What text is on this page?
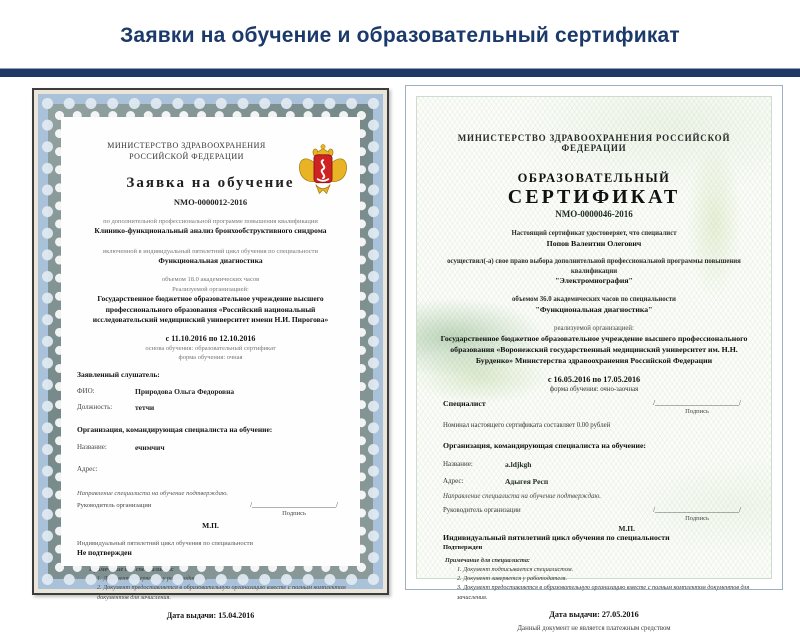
Заявки на обучение и образовательный сертификат
МИНИСТЕРСТВО ЗДРАВООХРАНЕНИЯ
РОССИЙСКОЙ ФЕДЕРАЦИИ
Заявка на обучение
NMO-0000012-2016
по дополнительной профессиональной программе повышения квалификации
Клинико-функциональный анализ бронхообструктивного синдрома
включенной в индивидуальный пятилетний цикл обучения по специальности
Функциональная диагностика
объемом 18.0 академических часов
Реализуемой организацией:
Государственное бюджетное образовательное учреждение высшего профессионального образования «Российский национальный исследовательский медицинский университет имени Н.И. Пирогова»
с 11.10.2016 по 12.10.2016
основа обучения: образовательный сертификат
форма обучения: очная
Заявленный слушатель:
ФИО:	Природова Ольга Федоровна
Должность:	тетчи
Организация, командирующая специалиста на обучение:
Название:	ечимчич
Адрес:
Направление специалиста на обучение подтверждаю.
Руководитель организации	/________________________/
Подпись
М.П.
Индивидуальный пятилетний цикл обучения по специальности
Не подтвержден
Примечание для специалиста:
1. Документ заверяется у работодателя.
2. Документ предоставляется в образовательную организацию вместе с полным комплектом документов для зачисления.
Дата выдачи: 15.04.2016
МИНИСТЕРСТВО ЗДРАВООХРАНЕНИЯ РОССИЙСКОЙ ФЕДЕРАЦИИ
ОБРАЗОВАТЕЛЬНЫЙ
СЕРТИФИКАТ
NMO-0000046-2016
Настоящий сертификат удостоверяет, что специалист
Попов Валентин Олегович
осуществил(-а) свое право выбора дополнительной профессиональной программы повышения квалификации
"Электромиография"
объемом 36.0 академических часов по специальности
"Функциональная диагностика"
реализуемой организацией:
Государственное бюджетное образовательное учреждение высшего профессионального образования «Воронежский государственный медицинский университет им. Н.Н. Бурденко» Министерства здравоохранения Российской Федерации
с 16.05.2016 по 17.05.2016
форма обучения: очно-заочная
Специалист	/________________________/
Подпись
Номинал настоящего сертификата составляет 0.00 рублей
Организация, командирующая специалиста на обучение:
Название:	a.ldjkgh
Адрес:	Адыгея Респ
Направление специалиста на обучение подтверждаю.
Руководитель организации	/________________________/
Подпись
М.П.
Индивидуальный пятилетний цикл обучения по специальности
Подтвержден
Примечание для специалиста:
1. Документ подписывается специалистом.
2. Документ заверяется у работодателя.
3. Документ предоставляется в образовательную организацию вместе с полным комплектом документов для зачисления.
Дата выдачи: 27.05.2016
Данный документ не является платежным средством
